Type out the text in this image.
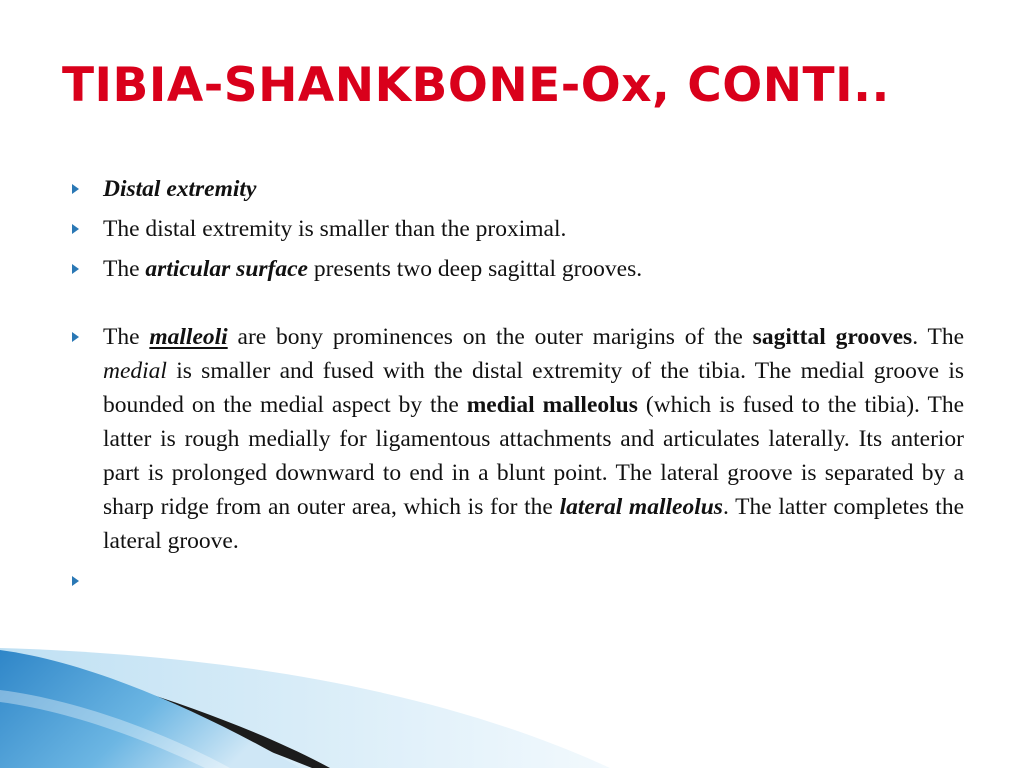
TIBIA-SHANKBONE-Ox, CONTI..
Distal extremity
The distal extremity is smaller than the proximal.
The articular surface presents two deep sagittal grooves.
The malleoli are bony prominences on the outer marigins of the sagittal grooves. The medial is smaller and fused with the distal extremity of the tibia. The medial groove is bounded on the medial aspect by the medial malleolus (which is fused to the tibia). The latter is rough medially for ligamentous attachments and articulates laterally. Its anterior part is prolonged downward to end in a blunt point. The lateral groove is separated by a sharp ridge from an outer area, which is for the lateral malleolus. The latter completes the lateral groove.
